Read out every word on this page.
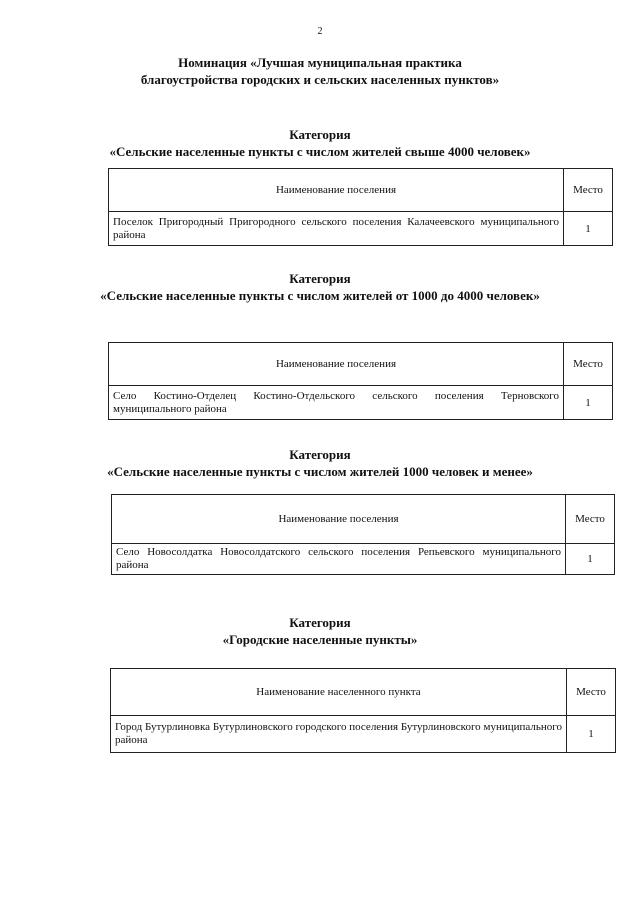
2
Номинация «Лучшая муниципальная практика
благоустройства городских и сельских населенных пунктов»
Категория
«Сельские населенные пункты с числом жителей свыше 4000 человек»
Наименование поселения	Место
Поселок Пригородный Пригородного сельского поселения Калачеевского муниципального района	1
Категория
«Сельские населенные пункты с числом жителей от 1000 до 4000 человек»
Наименование поселения	Место
Село Костино-Отделец Костино-Отдельского сельского поселения Терновского муниципального района	1
Категория
«Сельские населенные пункты с числом жителей 1000 человек и менее»
Наименование поселения	Место
Село Новосолдатка Новосолдатского сельского поселения Репьевского муниципального района	1
Категория
«Городские населенные пункты»
Наименование населенного пункта	Место
Город Бутурлиновка Бутурлиновского городского поселения Бутурлиновского муниципального района	1
